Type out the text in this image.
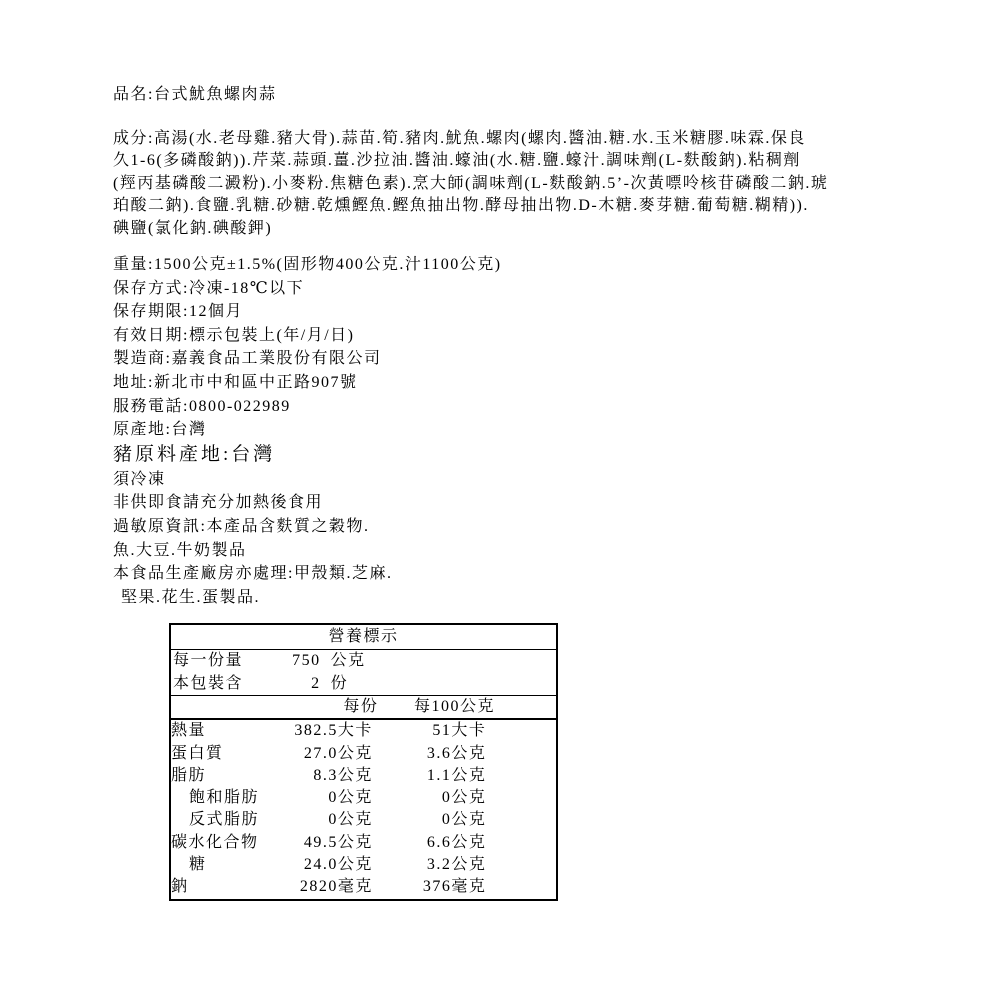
品名:台式魷魚螺肉蒜
成分:高湯(水.老母雞.豬大骨).蒜苗.筍.豬肉.魷魚.螺肉(螺肉.醬油.糖.水.玉米糖膠.味霖.保良
久1-6(多磷酸鈉)).芹菜.蒜頭.薑.沙拉油.醬油.蠔油(水.糖.鹽.蠔汁.調味劑(L-麩酸鈉).粘稠劑
(羥丙基磷酸二澱粉).小麥粉.焦糖色素).烹大師(調味劑(L-麩酸鈉.5’-次黃嘌呤核苷磷酸二鈉.琥
珀酸二鈉).食鹽.乳糖.砂糖.乾燻鰹魚.鰹魚抽出物.酵母抽出物.D-木糖.麥芽糖.葡萄糖.糊精)).
碘鹽(氯化鈉.碘酸鉀)
重量:1500公克±1.5%(固形物400公克.汁1100公克)
保存方式:冷凍-18℃以下
保存期限:12個月
有效日期:標示包裝上(年/月/日)
製造商:嘉義食品工業股份有限公司
地址:新北市中和區中正路907號
服務電話:0800-022989
原產地:台灣
豬原料產地:台灣
須冷凍
非供即食請充分加熱後食用
過敏原資訊:本產品含麩質之穀物.
魚.大豆.牛奶製品
本食品生產廠房亦處理:甲殼類.芝麻.
堅果.花生.蛋製品.
營養標示				
每一份量	750 公克			
本包裝含	2 份			
	每份		每100公克	
熱量	382.5	大卡	51	大卡
蛋白質	27.0	公克	3.6	公克
脂肪	8.3	公克	1.1	公克
飽和脂肪	0	公克	0	公克
反式脂肪	0	公克	0	公克
碳水化合物	49.5	公克	6.6	公克
糖	24.0	公克	3.2	公克
鈉	2820	毫克	376	毫克
